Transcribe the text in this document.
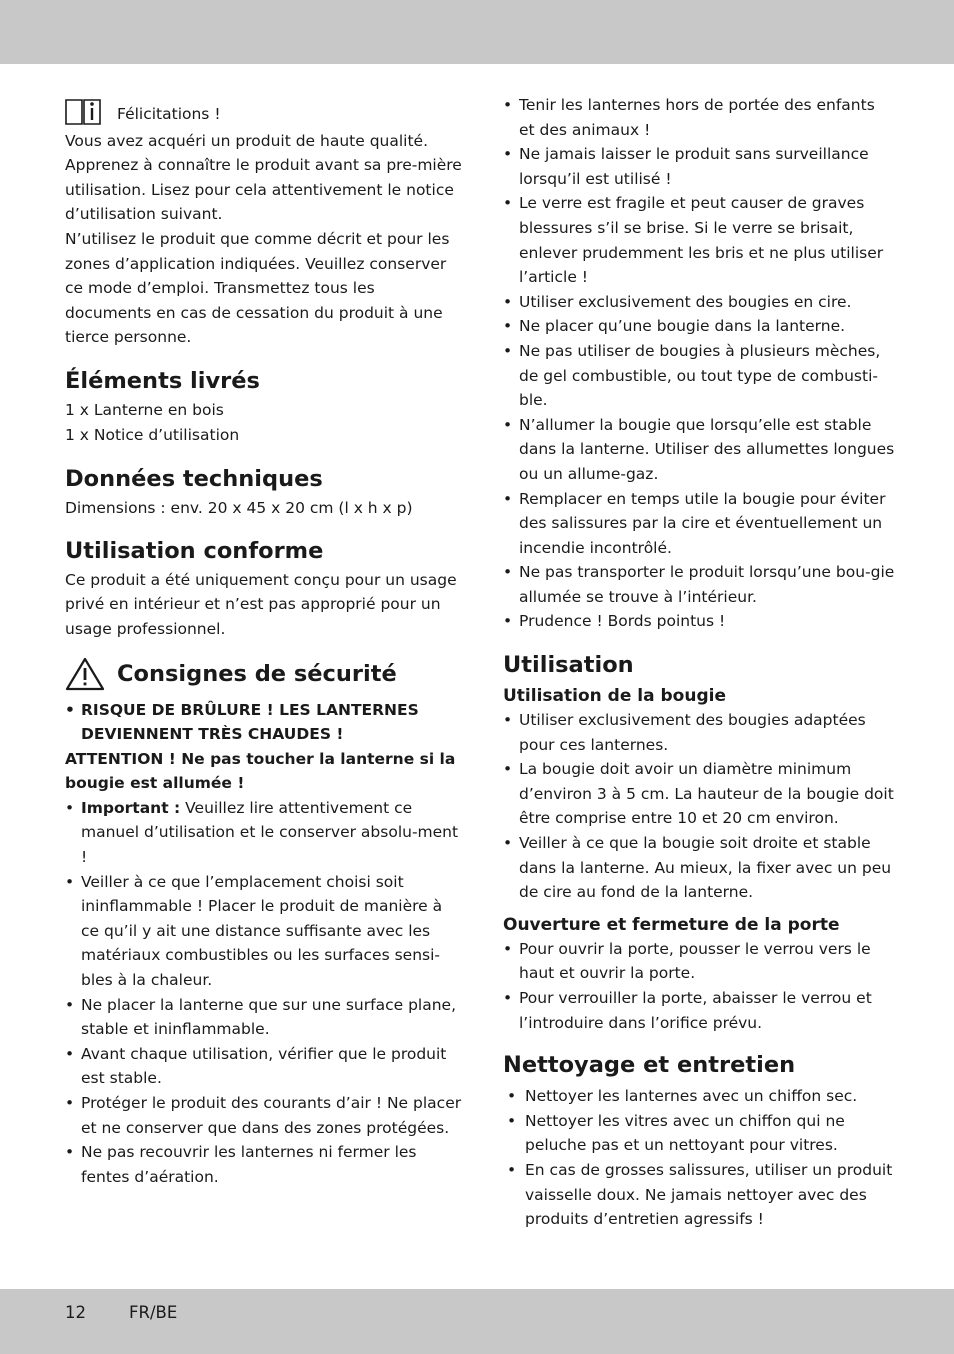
Félicitations !

Vous avez acquéri un produit de haute qualité. Apprenez à connaître le produit avant sa pre-mière utilisation. Lisez pour cela attentivement le notice d’utilisation suivant.

N’utilisez le produit que comme décrit et pour les zones d’application indiquées. Veuillez conserver ce mode d’emploi. Transmettez tous les documents en cas de cessation du produit à une tierce personne.

Éléments livrés

1 x Lanterne en bois

1 x Notice d’utilisation

Données techniques

Dimensions : env. 20 x 45 x 20 cm (l x h x p)

Utilisation conforme

Ce produit a été uniquement conçu pour un usage privé en intérieur et n’est pas approprié pour un usage professionnel.

Consignes de sécurité
• RISQUE DE BRÛLURE ! LES LANTERNES DEVIENNENT TRÈS CHAUDES !

ATTENTION ! Ne pas toucher la lanterne si la bougie est allumée !

• Important : Veuillez lire attentivement ce manuel d’utilisation et le conserver absolu-ment !
• Veiller à ce que l’emplacement choisi soit ininflammable ! Placer le produit de manière à ce qu’il y ait une distance suffisante avec les matériaux combustibles ou les surfaces sensi-bles à la chaleur.
• Ne placer la lanterne que sur une surface plane, stable et ininflammable.
• Avant chaque utilisation, vérifier que le produit est stable.
• Protéger le produit des courants d’air ! Ne placer et ne conserver que dans des zones protégées.
• Ne pas recouvrir les lanternes ni fermer les fentes d’aération.
• Tenir les lanternes hors de portée des enfants et des animaux !
• Ne jamais laisser le produit sans surveillance lorsqu’il est utilisé !
• Le verre est fragile et peut causer de graves blessures s’il se brise. Si le verre se brisait, enlever prudemment les bris et ne plus utiliser l’article !
• Utiliser exclusivement des bougies en cire.
• Ne placer qu’une bougie dans la lanterne.
• Ne pas utiliser de bougies à plusieurs mèches, de gel combustible, ou tout type de combusti-ble.
• N’allumer la bougie que lorsqu’elle est stable dans la lanterne. Utiliser des allumettes longues ou un allume-gaz.
• Remplacer en temps utile la bougie pour éviter des salissures par la cire et éventuellement un incendie incontrôlé.
• Ne pas transporter le produit lorsqu’une bou-gie allumée se trouve à l’intérieur.
• Prudence ! Bords pointus !
Utilisation
Utilisation de la bougie
• Utiliser exclusivement des bougies adaptées pour ces lanternes.
• La bougie doit avoir un diamètre minimum d’environ 3 à 5 cm. La hauteur de la bougie doit être comprise entre 10 et 20 cm environ.
• Veiller à ce que la bougie soit droite et stable dans la lanterne. Au mieux, la fixer avec un peu de cire au fond de la lanterne.
Ouverture et fermeture de la porte
• Pour ouvrir la porte, pousser le verrou vers le haut et ouvrir la porte.
• Pour verrouiller la porte, abaisser le verrou et l’introduire dans l’orifice prévu.
Nettoyage et entretien
• Nettoyer les lanternes avec un chiffon sec.
• Nettoyer les vitres avec un chiffon qui ne peluche pas et un nettoyant pour vitres.
• En cas de grosses salissures, utiliser un produit vaisselle doux. Ne jamais nettoyer avec des produits d’entretien agressifs !
12	FR/BE
